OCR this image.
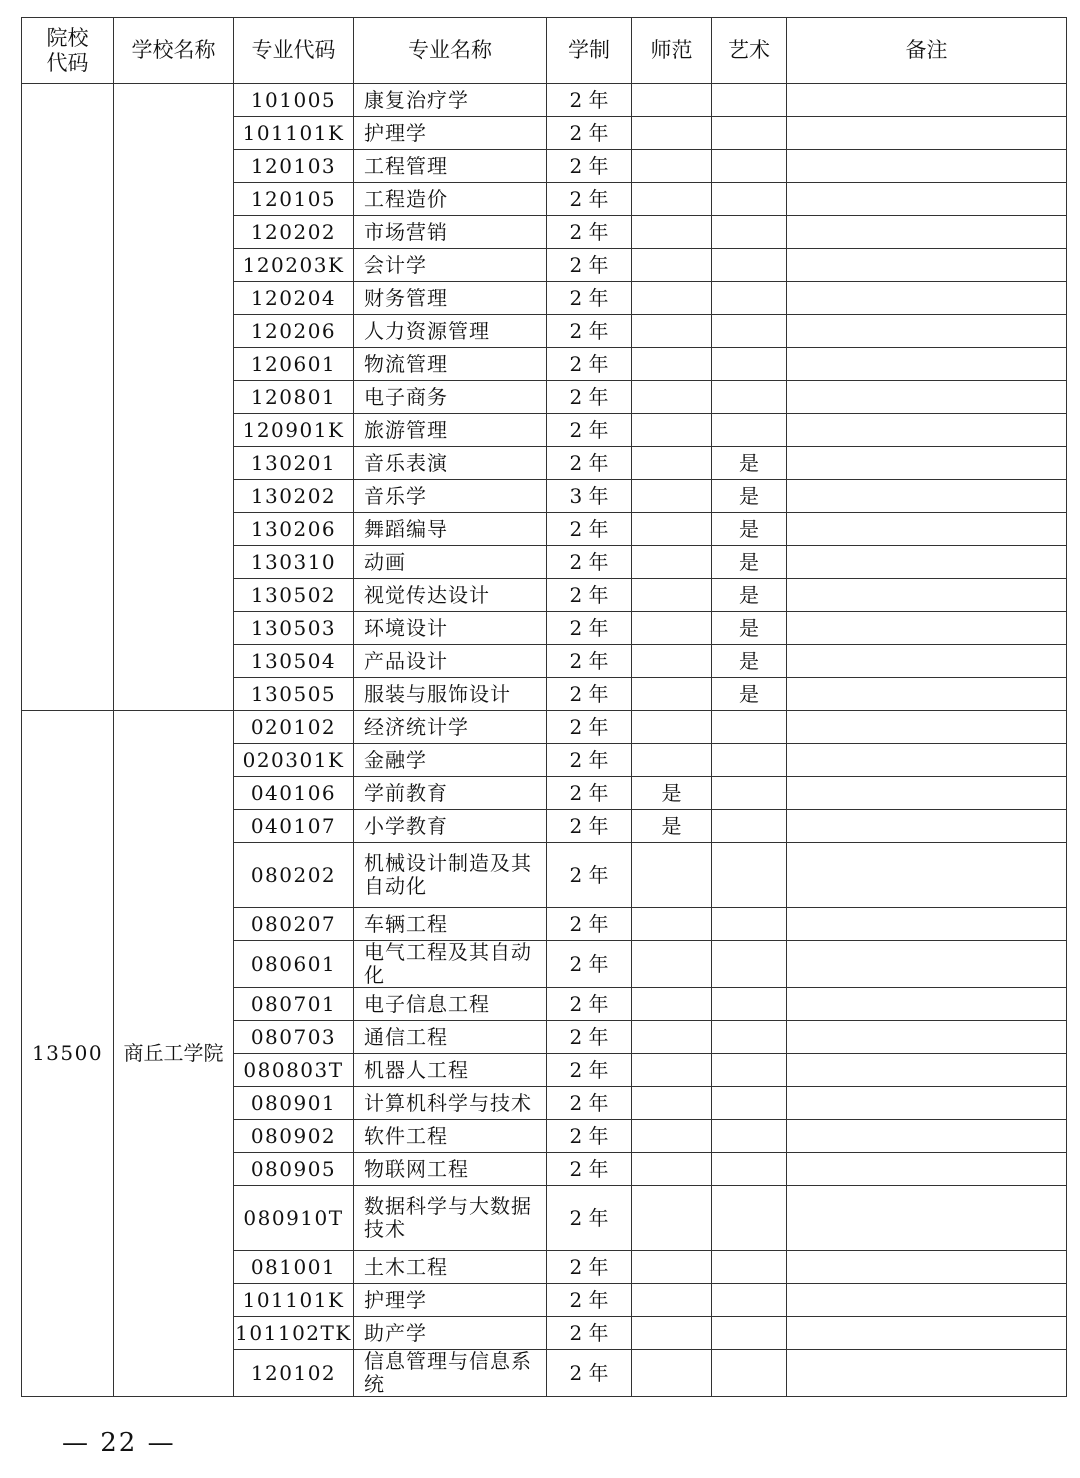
院校
代码	学校名称	专业代码	专业名称	学制	师范	艺术	备注
		101005	康复治疗学	2 年			
		101101K	护理学	2 年			
		120103	工程管理	2 年			
		120105	工程造价	2 年			
		120202	市场营销	2 年			
		120203K	会计学	2 年			
		120204	财务管理	2 年			
		120206	人力资源管理	2 年			
		120601	物流管理	2 年			
		120801	电子商务	2 年			
		120901K	旅游管理	2 年			
		130201	音乐表演	2 年		是	
		130202	音乐学	3 年		是	
		130206	舞蹈编导	2 年		是	
		130310	动画	2 年		是	
		130502	视觉传达设计	2 年		是	
		130503	环境设计	2 年		是	
		130504	产品设计	2 年		是	
		130505	服装与服饰设计	2 年		是	
13500	商丘工学院	020102	经济统计学	2 年			
		020301K	金融学	2 年			
		040106	学前教育	2 年	是		
		040107	小学教育	2 年	是		
		080202	机械设计制造及其自动化	2 年			
		080207	车辆工程	2 年			
		080601	电气工程及其自动化	2 年			
		080701	电子信息工程	2 年			
		080703	通信工程	2 年			
		080803T	机器人工程	2 年			
		080901	计算机科学与技术	2 年			
		080902	软件工程	2 年			
		080905	物联网工程	2 年			
		080910T	数据科学与大数据技术	2 年			
		081001	土木工程	2 年			
		101101K	护理学	2 年			
		101102TK	助产学	2 年			
		120102	信息管理与信息系统	2 年			
— 22 —
